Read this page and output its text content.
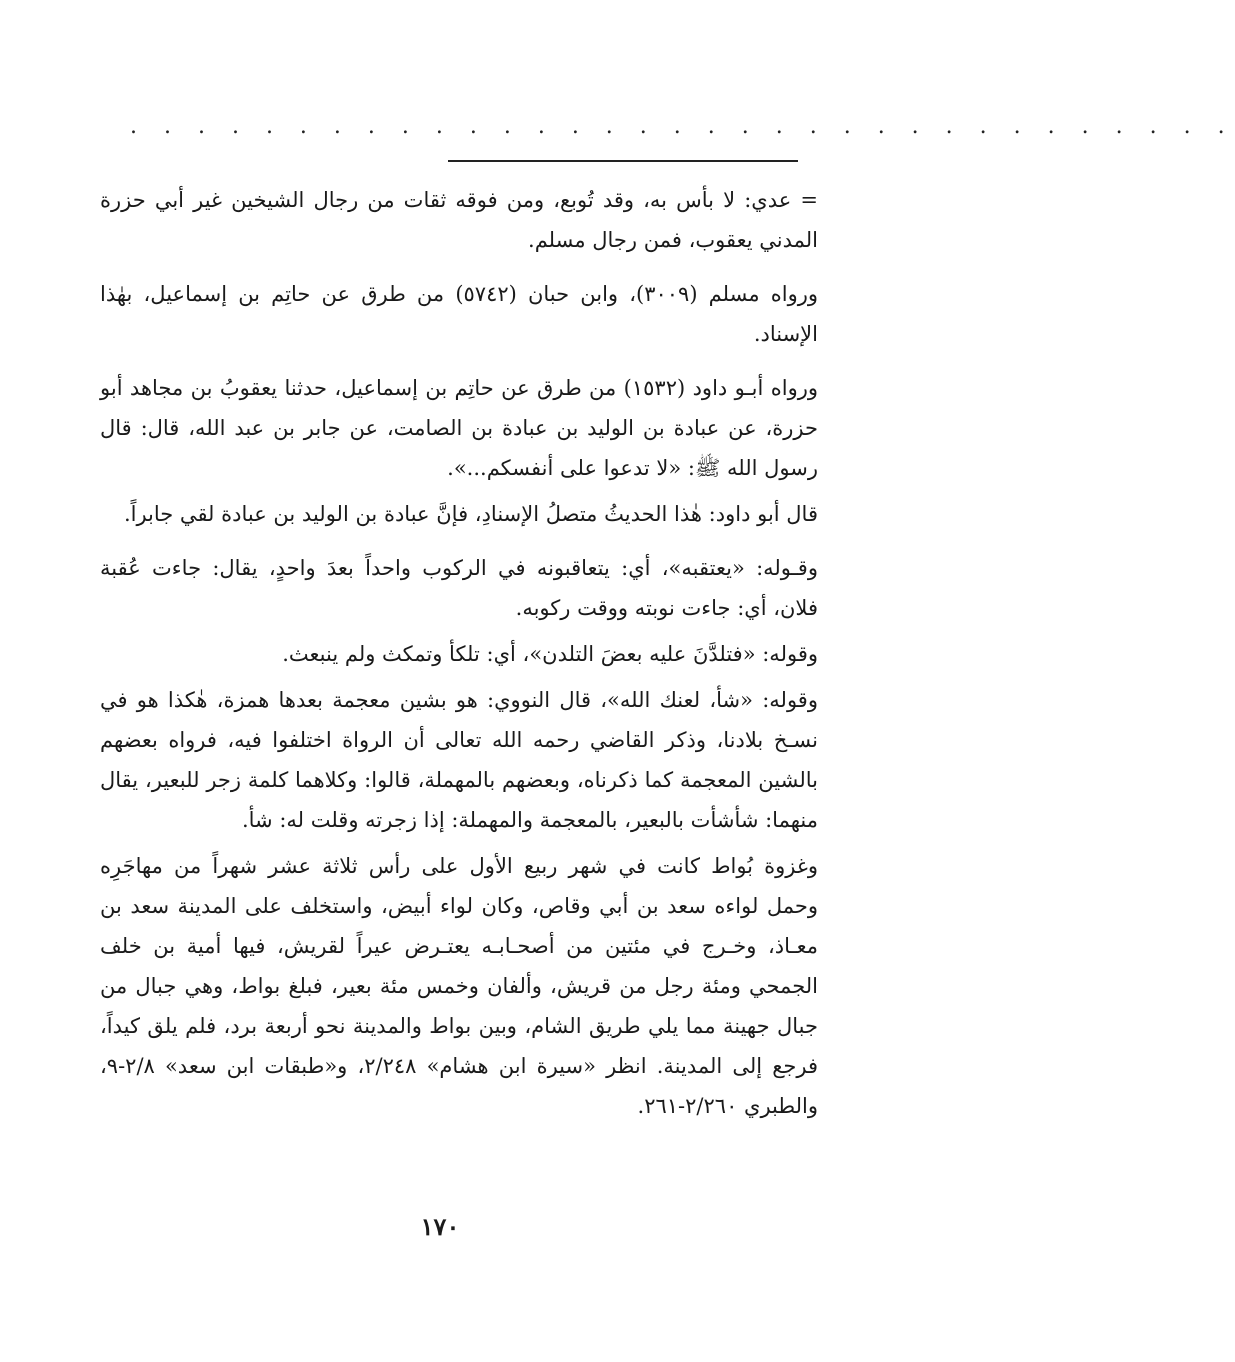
. . . . . . . . . . . . . . . . . . . . . . . . . . . . . . . . .

= عدي: لا بأس به، وقد تُوبع، ومن فوقه ثقات من رجال الشيخين غير أبي حزرة المدني يعقوب، فمن رجال مسلم.

ورواه مسلم (٣٠٠٩)، وابن حبان (٥٧٤٢) من طرق عن حاتِم بن إسماعيل، بهٰذا الإسناد.

ورواه أبـو داود (١٥٣٢) من طرق عن حاتِم بن إسماعيل، حدثنا يعقوبُ بن مجاهد أبو حزرة، عن عبادة بن الوليد بن عبادة بن الصامت، عن جابر بن عبد الله، قال: قال رسول الله ﷺ: «لا تدعوا على أنفسكم...».

قال أبو داود: هٰذا الحديثُ متصلُ الإسنادِ، فإنَّ عبادة بن الوليد بن عبادة لقي جابراً.

وقـوله: «يعتقبه»، أي: يتعاقبونه في الركوب واحداً بعدَ واحدٍ، يقال: جاءت عُقبة فلان، أي: جاءت نوبته ووقت ركوبه.

وقوله: «فتلدَّنَ عليه بعضَ التلدن»، أي: تلكأ وتمكث ولم ينبعث.

وقوله: «شأ، لعنك الله»، قال النووي: هو بشين معجمة بعدها همزة، هٰكذا هو في نسـخ بلادنا، وذكر القاضي رحمه الله تعالى أن الرواة اختلفوا فيه، فرواه بعضهم بالشين المعجمة كما ذكرناه، وبعضهم بالمهملة، قالوا: وكلاهما كلمة زجر للبعير، يقال منهما: شأشأت بالبعير، بالمعجمة والمهملة: إذا زجرته وقلت له: شأ.

وغزوة بُواط كانت في شهر ربيع الأول على رأس ثلاثة عشر شهراً من مهاجَرِه وحمل لواءه سعد بن أبي وقاص، وكان لواء أبيض، واستخلف على المدينة سعد بن معـاذ، وخـرج في مئتين من أصحـابـه يعتـرض عيراً لقريش، فيها أمية بن خلف الجمحي ومئة رجل من قريش، وألفان وخمس مئة بعير، فبلغ بواط، وهي جبال من جبال جهينة مما يلي طريق الشام، وبين بواط والمدينة نحو أربعة برد، فلم يلق كيداً، فرجع إلى المدينة. انظر «سيرة ابن هشام» ٢/٢٤٨، و«طبقات ابن سعد» ٢/٨-٩، والطبري ٢/٢٦٠-٢٦١.

١٧٠
